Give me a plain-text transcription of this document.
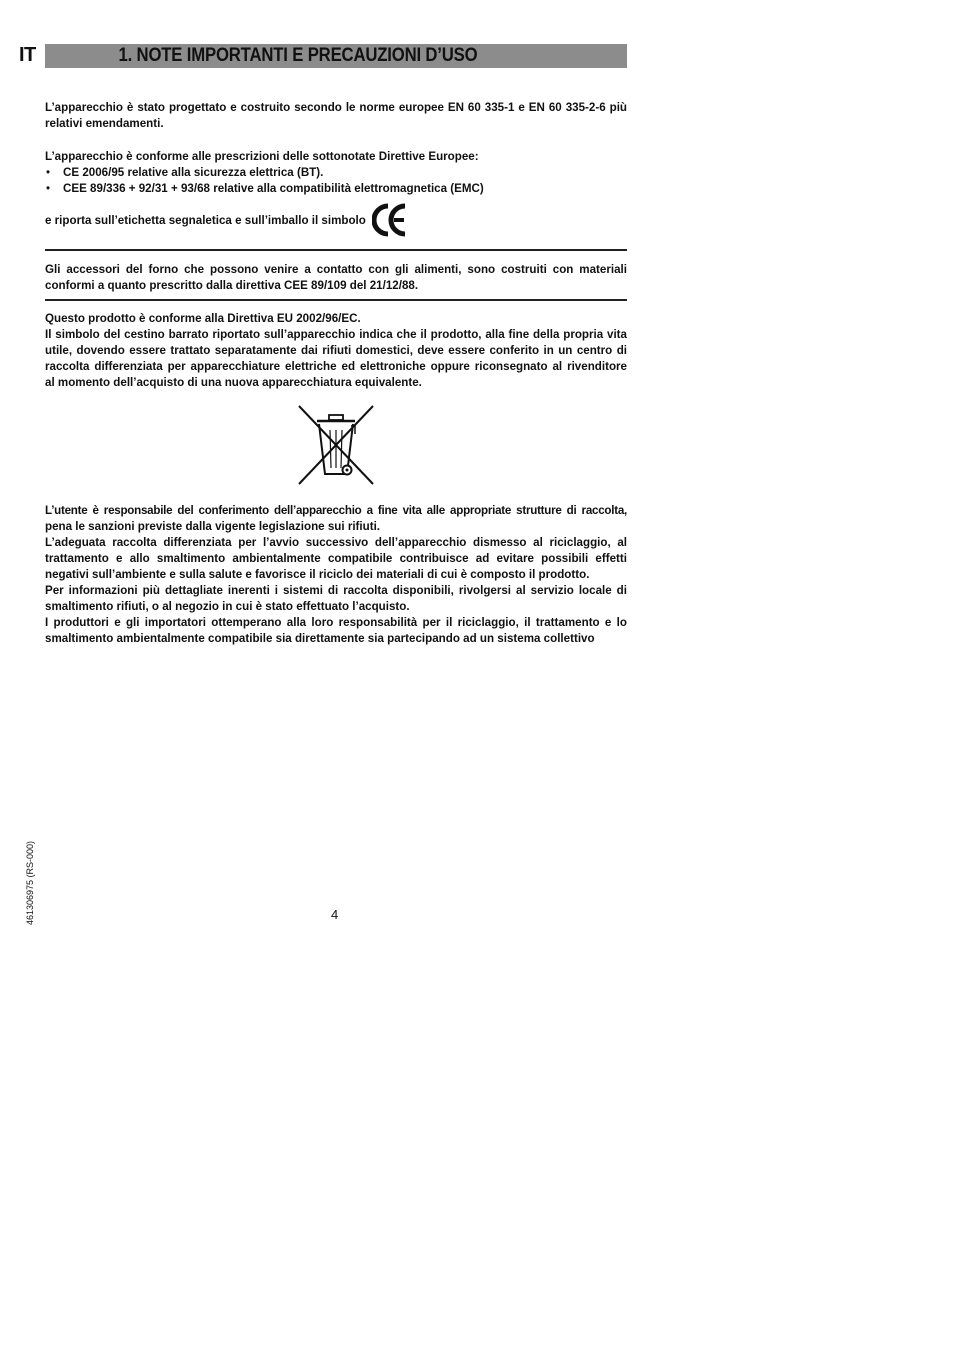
IT	1. NOTE IMPORTANTI E PRECAUZIONI D’USO

L’apparecchio è stato progettato e costruito secondo le norme europee EN 60 335-1 e EN 60 335-2-6 più
relativi emendamenti.

L’apparecchio è conforme alle prescrizioni delle sottonotate Direttive Europee:

• CE 2006/95 relative alla sicurezza elettrica (BT).
• CEE 89/336 + 92/31 + 93/68 relative alla compatibilità elettromagnetica (EMC)
e riporta sull’etichetta segnaletica e sull’imballo il simbolo

Gli accessori del forno che possono venire a contatto con gli alimenti, sono costruiti con materiali
conformi a quanto prescritto dalla direttiva CEE 89/109 del 21/12/88.

Questo prodotto è conforme alla Direttiva EU 2002/96/EC.
Il simbolo del cestino barrato riportato sull’apparecchio indica che il prodotto, alla fine della propria vita
utile, dovendo essere trattato separatamente dai rifiuti domestici, deve essere conferito in un centro di
raccolta differenziata per apparecchiature elettriche ed elettroniche oppure riconsegnato al rivenditore
al momento dell’acquisto di una nuova apparecchiatura equivalente.

L’utente è responsabile del conferimento dell’apparecchio a fine vita alle appropriate strutture di raccolta,
pena le sanzioni previste dalla vigente legislazione sui rifiuti.
L’adeguata raccolta differenziata per l’avvio successivo dell’apparecchio dismesso al riciclaggio, al
trattamento e allo smaltimento ambientalmente compatibile contribuisce ad evitare possibili effetti
negativi sull’ambiente e sulla salute e favorisce il riciclo dei materiali di cui è composto il prodotto.
Per informazioni più dettagliate inerenti i sistemi di raccolta disponibili, rivolgersi al servizio locale di
smaltimento rifiuti, o al negozio in cui è stato effettuato l’acquisto.
I produttori e gli importatori ottemperano alla loro responsabilità per il riciclaggio, il trattamento e lo
smaltimento ambientalmente compatibile sia direttamente sia partecipando ad un sistema collettivo

4
461306975 (RS-000)
